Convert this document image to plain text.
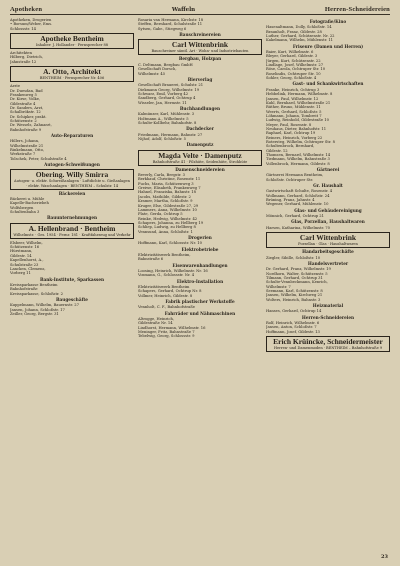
Apotheken	Waffeln	Herren-Schneidereien
Apotheken, Drogerien
• Borsum/Weber, Ems.
Schlossstr. 14
Apotheke Bentheim
Inhaber: J. Hollander · Fernsprecher 88
Architekten
Hilberg, Dietrich,
Jahnstraße 12
A. Otto, Architekt
BENTHEIM · Fernsprecher Nr. 406
Ärzte
Dr. Duesdan, Bad
Frankenweg 5
Dr. Kirse, Volke,
Gildestraße 4
Dr. Sanders, Arzt,
Schalbrökstr. 12
Dr. Schipker, prakt.
Schützenstr. 2
Dr. Wessels, Zahnarzt,
Bahnhofstraße 9
Auto-Reparaturen
Hillers, Johann,
Wilhelmstraße 21
Rinkelmann, Otto,
Werkstraße 7
Tolschek, Peter, Schulstraße 4
Autogen-Schweißungen
Obering. Willy Smirra
Autogen- u. elektr. Schweißanlagen · Luftdichte u. Gießanlagen · elektr. Waschanlagen · BENTHEIM – Schulstr. 14
Bäckereien
Bäckerei u. Mühle
Kapelle-Bacheriebeh
Wolfsbergen
Schultenbahn 3
Bauunternehmungen
A. Hellenbrand · Bentheim
Wilhelmstr. · Ges. 1954 · Fernr. 181 · Kraftfahrzeug und Verkehr
Elsbeer, Wilhelm,
Schützenstr. 16
Hürstmann,
Gildestr. 14
Kapellenhorst, A.,
Schulstraße 23
Lancken, Clemens,
Vorberg 11
Bank-Institute, Sparkassen
Kreissparkasse Bentheim
Bahnhofstraße
Kreissparkasse, Schloßstr. 2
Baugeschäfte
Kuppelmann, Wilhelm, Bauernstr. 27
Jansen, Johann, Schloßstr. 17
Zeiller, Georg, Bergstr. 31
Rosaria van Hermann, Kirchstr. 18
Steffen, Bernhard, Schulstraße 11
Sytsen, Gabr., Stiegweg 6
Bauschreinereien
Carl Wittenbrink
Bauschreiner sämtl. Art · Wohn- und Industriebauten
Bergbau, Holzpan
C. Deltmann, Bergbau GmbH
Gesellschaft Dorsch,
Wilhelmstr. 45
Bierverlag
Gesellschaft Brauerei, Schulstr. 21
Diekmann Georg, Wilhelmstr. 19
Schwarz, Emil, Vorberg 42
Sandberg, Gerhard, Ochtrup 4
Wisseler, Jan, Hermstr. 11
Buchhandlungen
Kalmünzer, Karl, Mühlenstr. 3
Holtmann A., Wilhelmstr. 5
Schulte-Kollbehr, Bahnhofstr. 8
Dachdecker
Friedmann, Hermann, Bahnstr. 27
Nijhof, Adolf, Schloßstr. 5
Damenputz
Magda Velte · Damenputz
Bahnhofstraße 41 · Filzhüte, Seidenhüte, Strohhüte
Damenschneidereien
Beverly, Carla, Bergstr. 3
Berkhauf, Christine, Rosenstr. 11
Fuchs, Maria, Schützenweg 3
Greiwe, Elisabeth, Frankenweg 7
Hahnel, Franziska, Bahnstr. 18
Jacobs, Mathilde, Gildestr. 2
Kramer, Martha, Schloßstr. 9
Kruger, Else, Gildestraße 27, 29
Lammers, Anna, Wilhelmstr. 10
Plate, Gerda, Ochtrup 5
Reinke, Hedwig, Wilhelmstr. 42
Schapers, Johanna, zu Hellberg 19
Schliep, Ludwig, zu Hellberg 8
Vennsund, Anna, Schloßstr. 1
Drogerien
Hoffmann, Karl, Schlossstr. Nr. 10
Elektrobetriebe
Elektrizitätswerk Bentheim,
Bahnstraße 6
Eisenwarenhandlungen
Loosing, Heinrich, Wilhelmstr. Nr. 16
Vosmann, G., Schlossstr. Nr. 4
Elektro-Installation
Elektrizitätswerk Bentheim
Schapers, Gerhard, Ochtrup Nr. 8
Vollmer, Heinrich, Gildestr. 8
Fabrik plastischer Werkstoffe
Vennholt, C. F., Bahnhofstraße
Fahrräder und Nähmaschinen
Altrogge, Heinrich,
Gildestraße Nr. 14
Lindhorst, Hermann, Wilhelmstr. 16
Meninger, Fritz, Bahnstraße 7
Tebelwig, Georg, Schlossstr. 9
Fotografie/Kino
Hasenaltmann, Dolly, Schloßstr. 14
Braunholt, Franz, Gildestr. 28
Luther, Gerhard, Schützenstr. Nr. 22
Kakelmann, Wilhelm, Mühlenstr. 11
Friseure (Damen und Herren)
Baier, Kurt, Wilhelmstr. 6
Bleyer, Gerhard, Gildestr. 3
Jürgen, Kurt, Schützenstr. 22
Lindlage, Josef, Wilhelmstr. 27
Röse, Carola, Ochtruper Str. 10
Roselindis, Ochtruper Str. 10
Sohler, Georg, Schloßstr. 4
Gast- und Schankwirtschaften
Franke, Heinrich, Ochtrup 3
Hebbelink, Hermann, Wilhelmstr. 8
Jansen, Paul, Wilhelmstr. 12
Kuhl, Bernhard, Wilhelmstraße 21
Rüther, Bruno, Mühlenstr. 11
Weerts, Gerhard, Schloßstr. 5
Löhmann, Johann, Tombreit 7
Ludwig, Reinhold, Gildestraße 10
Meyer, Paul, Rosenstr. 8
Neuhaus, Dieter, Bahnhofstr. 11
Raphael, Karl, Ochtrup 19
Reiners, Heinrich, Vorberg 22
Rotersteg, Wilhelm, Ochtruper Str. 8
Schultenbrock, Bernhard,
Gildestr. 12
Thomsen, Bernard, Wilhelmstr. 14
Tiedmann, Wilhelm, Bahnstraße 3
Vollenbrock, Hermann, Gildestr. 8
Gärtnerei
Gärtnerei Hermann Bentheim,
Schloßstr. Ochtruper Str.
Gr. Haushalt
Gastwirtschaft Schulte, Rosenstr. 4
Wollmann, Gerhard, Schloßstr. 24
Brüning, Franz, Jahnstr. 4
Wegener, Gerhard, Mühlenstr. 10
Glas- und Gebäudereinigung
Mönnich, Gerhard, Ochtrup 21
Glas, Porzellan, Haushaltwaren
Harsen, Katharina, Wilhelmstr. 70
Carl Wittenbrink
Porzellan · Glas · Haushaltwaren
Handarbeitsgeschäfte
Ziegler, Sibille, Schloßstr. 10
Handelsvertreter
Dr. Gerhard, Franz, Wilhelmstr. 19
Nordhorn, Walter, Schützenstr. 5
Tilmann, Gerhard, Ochtrup 31
Schulte-Vennbeckmann, Kenrich,
Wilhelmstr. 7
Seemann, Karl, Schützenstr. 8
Jansen, Wilhelm, Kirchweg 21
Wolters, Heinrich, Bahnstr. 3
Heizmaterial
Hanses, Gerhard, Ochtrup 14
Herren-Schneidereien
Rolf, Heinrich, Wilhelmstr. 6
Jansen, Anton, Schloßstr. 7
Hoffmann, Josef, Gildestr. 13
Erich Krüincke, Schneidermeister
Herren- und Damenmoden · BENTHEIM – Bahnhofstraße 9
23
